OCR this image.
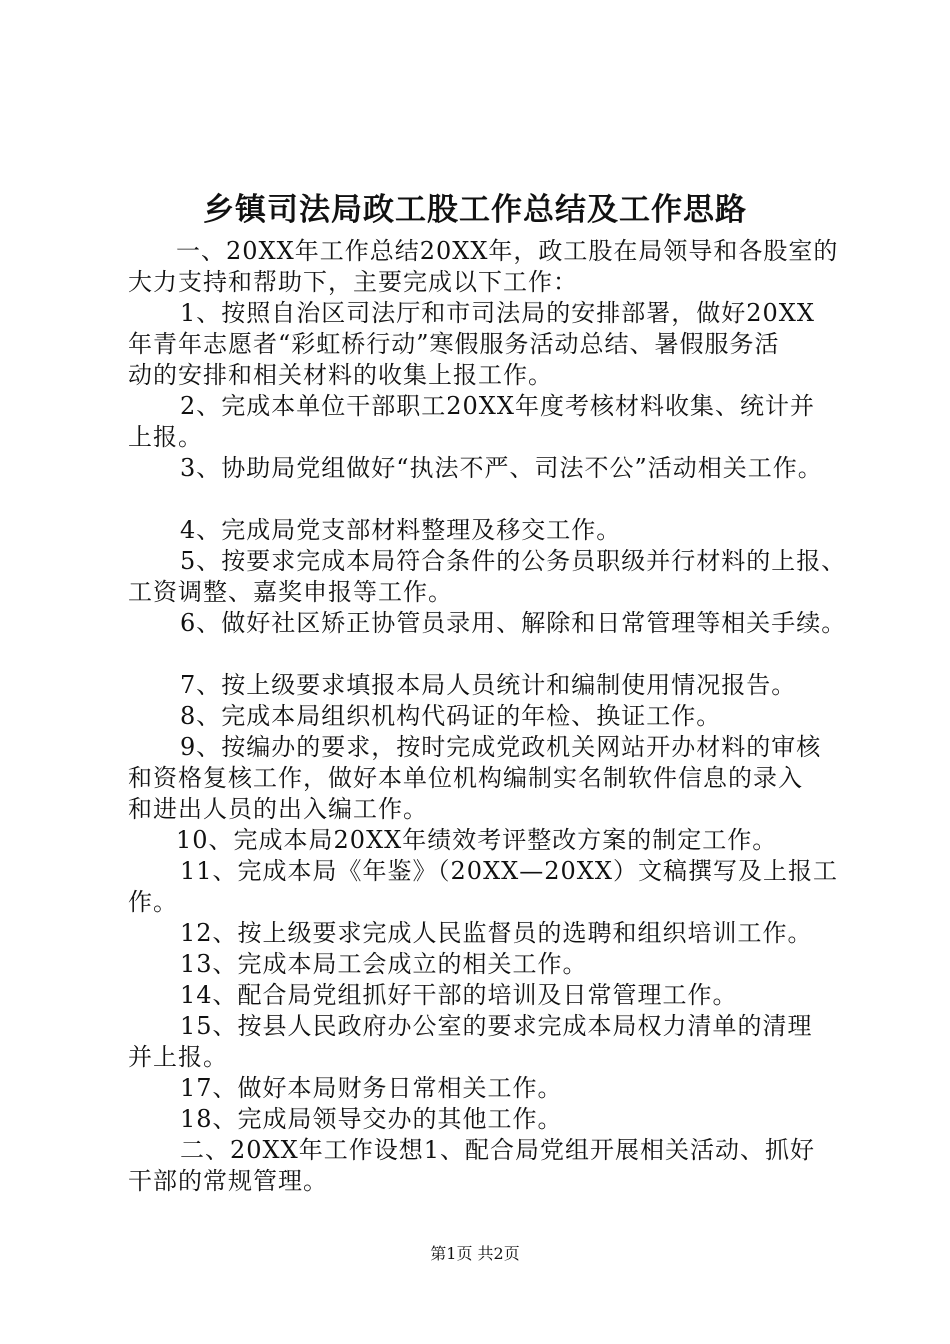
乡镇司法局政工股工作总结及工作思路
一、20XX年工作总结20XX年，政工股在局领导和各股室的
大力支持和帮助下，主要完成以下工作：
1、按照自治区司法厅和市司法局的安排部署，做好20XX
年青年志愿者“彩虹桥行动”寒假服务活动总结、暑假服务活
动的安排和相关材料的收集上报工作。
2、完成本单位干部职工20XX年度考核材料收集、统计并
上报。
3、协助局党组做好“执法不严、司法不公”活动相关工作。
4、完成局党支部材料整理及移交工作。
5、按要求完成本局符合条件的公务员职级并行材料的上报、
工资调整、嘉奖申报等工作。
6、做好社区矫正协管员录用、解除和日常管理等相关手续。
7、按上级要求填报本局人员统计和编制使用情况报告。
8、完成本局组织机构代码证的年检、换证工作。
9、按编办的要求，按时完成党政机关网站开办材料的审核
和资格复核工作，做好本单位机构编制实名制软件信息的录入
和进出人员的出入编工作。
10、完成本局20XX年绩效考评整改方案的制定工作。
11、完成本局《年鉴》（20XX—20XX）文稿撰写及上报工
作。
12、按上级要求完成人民监督员的选聘和组织培训工作。
13、完成本局工会成立的相关工作。
14、配合局党组抓好干部的培训及日常管理工作。
15、按县人民政府办公室的要求完成本局权力清单的清理
并上报。
17、做好本局财务日常相关工作。
18、完成局领导交办的其他工作。
二、20XX年工作设想1、配合局党组开展相关活动、抓好
干部的常规管理。
第1页 共2页
